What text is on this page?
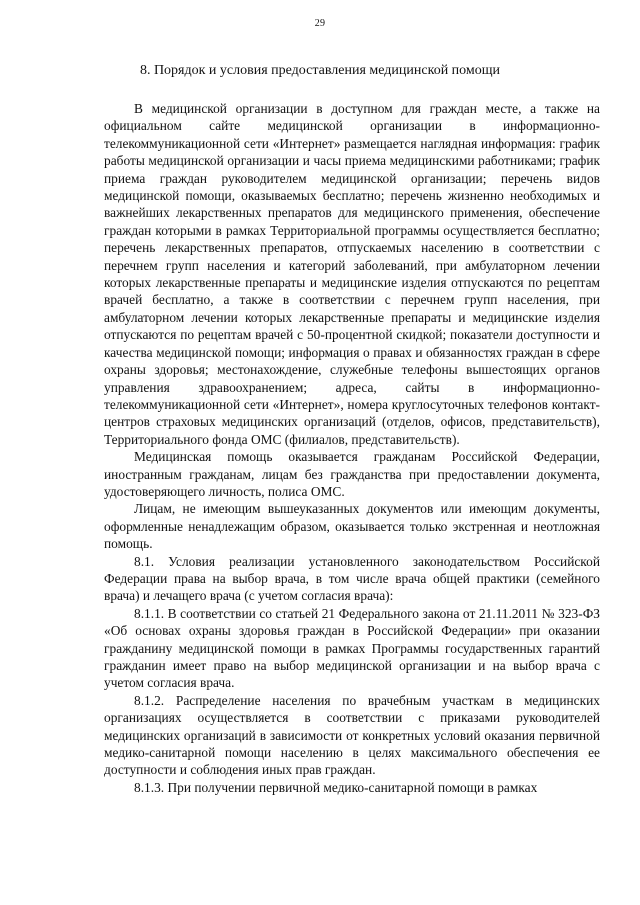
29
8. Порядок и условия предоставления медицинской помощи

В медицинской организации в доступном для граждан месте, а также на официальном сайте медицинской организации в информационно-телекоммуникационной сети «Интернет» размещается наглядная информация: график работы медицинской организации и часы приема медицинскими работниками; график приема граждан руководителем медицинской организации; перечень видов медицинской помощи, оказываемых бесплатно; перечень жизненно необходимых и важнейших лекарственных препаратов для медицинского применения, обеспечение граждан которыми в рамках Территориальной программы осуществляется бесплатно; перечень лекарственных препаратов, отпускаемых населению в соответствии с перечнем групп населения и категорий заболеваний, при амбулаторном лечении которых лекарственные препараты и медицинские изделия отпускаются по рецептам врачей бесплатно, а также в соответствии с перечнем групп населения, при амбулаторном лечении которых лекарственные препараты и медицинские изделия отпускаются по рецептам врачей с 50-процентной скидкой; показатели доступности и качества медицинской помощи; информация о правах и обязанностях граждан в сфере охраны здоровья; местонахождение, служебные телефоны вышестоящих органов управления здравоохранением; адреса, сайты в информационно-телекоммуникационной сети «Интернет», номера круглосуточных телефонов контакт-центров страховых медицинских организаций (отделов, офисов, представительств), Территориального фонда ОМС (филиалов, представительств).

Медицинская помощь оказывается гражданам Российской Федерации, иностранным гражданам, лицам без гражданства при предоставлении документа, удостоверяющего личность, полиса ОМС.

Лицам, не имеющим вышеуказанных документов или имеющим документы, оформленные ненадлежащим образом, оказывается только экстренная и неотложная помощь.

8.1. Условия реализации установленного законодательством Российской Федерации права на выбор врача, в том числе врача общей практики (семейного врача) и лечащего врача (с учетом согласия врача):

8.1.1. В соответствии со статьей 21 Федерального закона от 21.11.2011 № 323-ФЗ «Об основах охраны здоровья граждан в Российской Федерации» при оказании гражданину медицинской помощи в рамках Программы государственных гарантий гражданин имеет право на выбор медицинской организации и на выбор врача с учетом согласия врача.

8.1.2. Распределение населения по врачебным участкам в медицинских организациях осуществляется в соответствии с приказами руководителей медицинских организаций в зависимости от конкретных условий оказания первичной медико-санитарной помощи населению в целях максимального обеспечения ее доступности и соблюдения иных прав граждан.

8.1.3. При получении первичной медико-санитарной помощи в рамках
